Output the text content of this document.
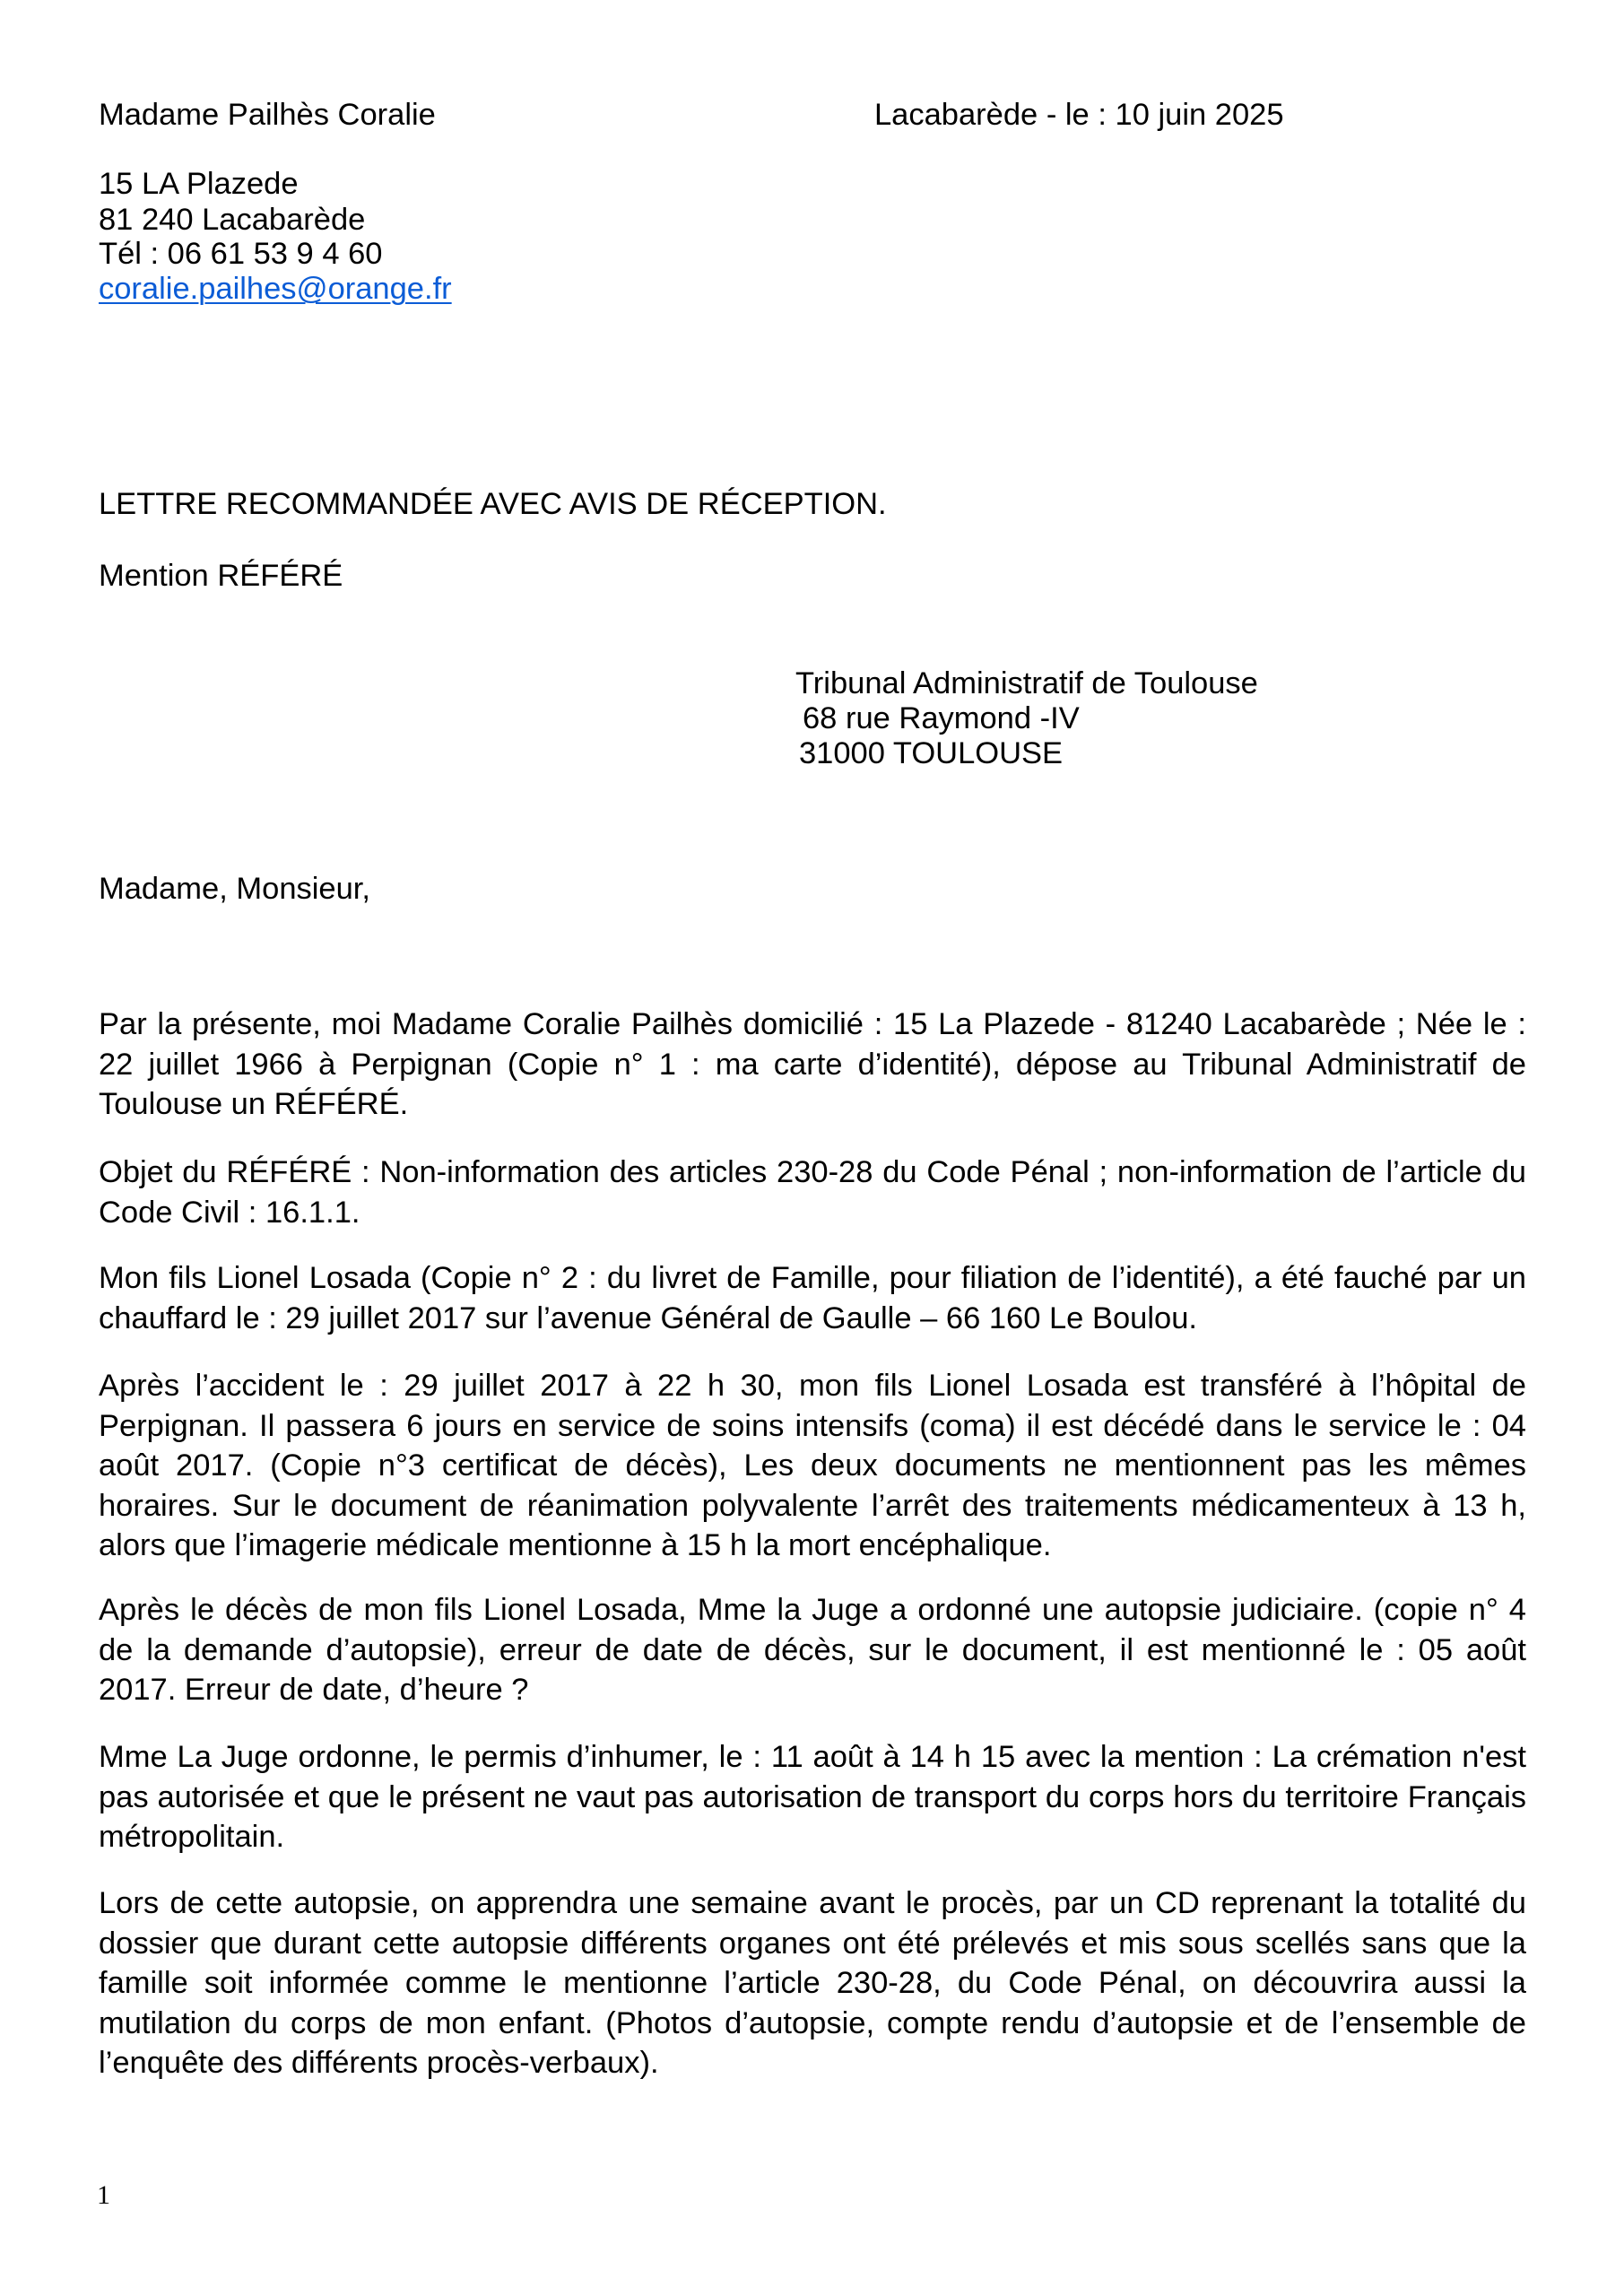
Madame Pailhès Coralie	Lacabarède - le : 10 juin 2025
15 LA Plazede
81 240 Lacabarède
Tél : 06 61 53 9 4 60
coralie.pailhes@orange.fr
LETTRE RECOMMANDÉE AVEC AVIS DE RÉCEPTION.
Mention RÉFÉRÉ
Tribunal Administratif de Toulouse
68 rue Raymond -IV
31000 TOULOUSE
Madame, Monsieur,
Par la présente, moi Madame Coralie Pailhès domicilié : 15 La Plazede - 81240 Lacabarède ; Née le : 22 juillet 1966 à Perpignan (Copie n° 1 : ma carte d’identité), dépose au Tribunal Administratif de Toulouse un RÉFÉRÉ.
Objet du RÉFÉRÉ : Non-information des articles 230-28 du Code Pénal ; non-information de l’article du Code Civil : 16.1.1.
Mon fils Lionel Losada (Copie n° 2 : du livret de Famille, pour filiation de l’identité), a été fauché par un chauffard le : 29 juillet 2017 sur l’avenue Général de Gaulle – 66 160 Le Boulou.
Après l’accident le : 29 juillet 2017 à 22 h 30, mon fils Lionel Losada est transféré à l’hôpital de Perpignan. Il passera 6 jours en service de soins intensifs (coma) il est décédé dans le service le : 04 août 2017. (Copie n°3 certificat de décès), Les deux documents ne mentionnent pas les mêmes horaires. Sur le document de réanimation polyvalente l’arrêt des traitements médicamenteux à 13 h, alors que l’imagerie médicale mentionne à 15 h la mort encéphalique.
Après le décès de mon fils Lionel Losada, Mme la Juge a ordonné une autopsie judiciaire. (copie n° 4 de la demande d’autopsie), erreur de date de décès, sur le document, il est mentionné le : 05 août 2017. Erreur de date, d’heure ?
Mme La Juge ordonne, le permis d’inhumer, le : 11 août à 14 h 15 avec la mention : La crémation n'est pas autorisée et que le présent ne vaut pas autorisation de transport du corps hors du territoire Français métropolitain.
Lors de cette autopsie, on apprendra une semaine avant le procès, par un CD reprenant la totalité du dossier que durant cette autopsie différents organes ont été prélevés et mis sous scellés sans que la famille soit informée comme le mentionne l’article 230-28, du Code Pénal, on découvrira aussi la mutilation du corps de mon enfant. (Photos d’autopsie, compte rendu d’autopsie et de l’ensemble de l’enquête des différents procès-verbaux).
1
